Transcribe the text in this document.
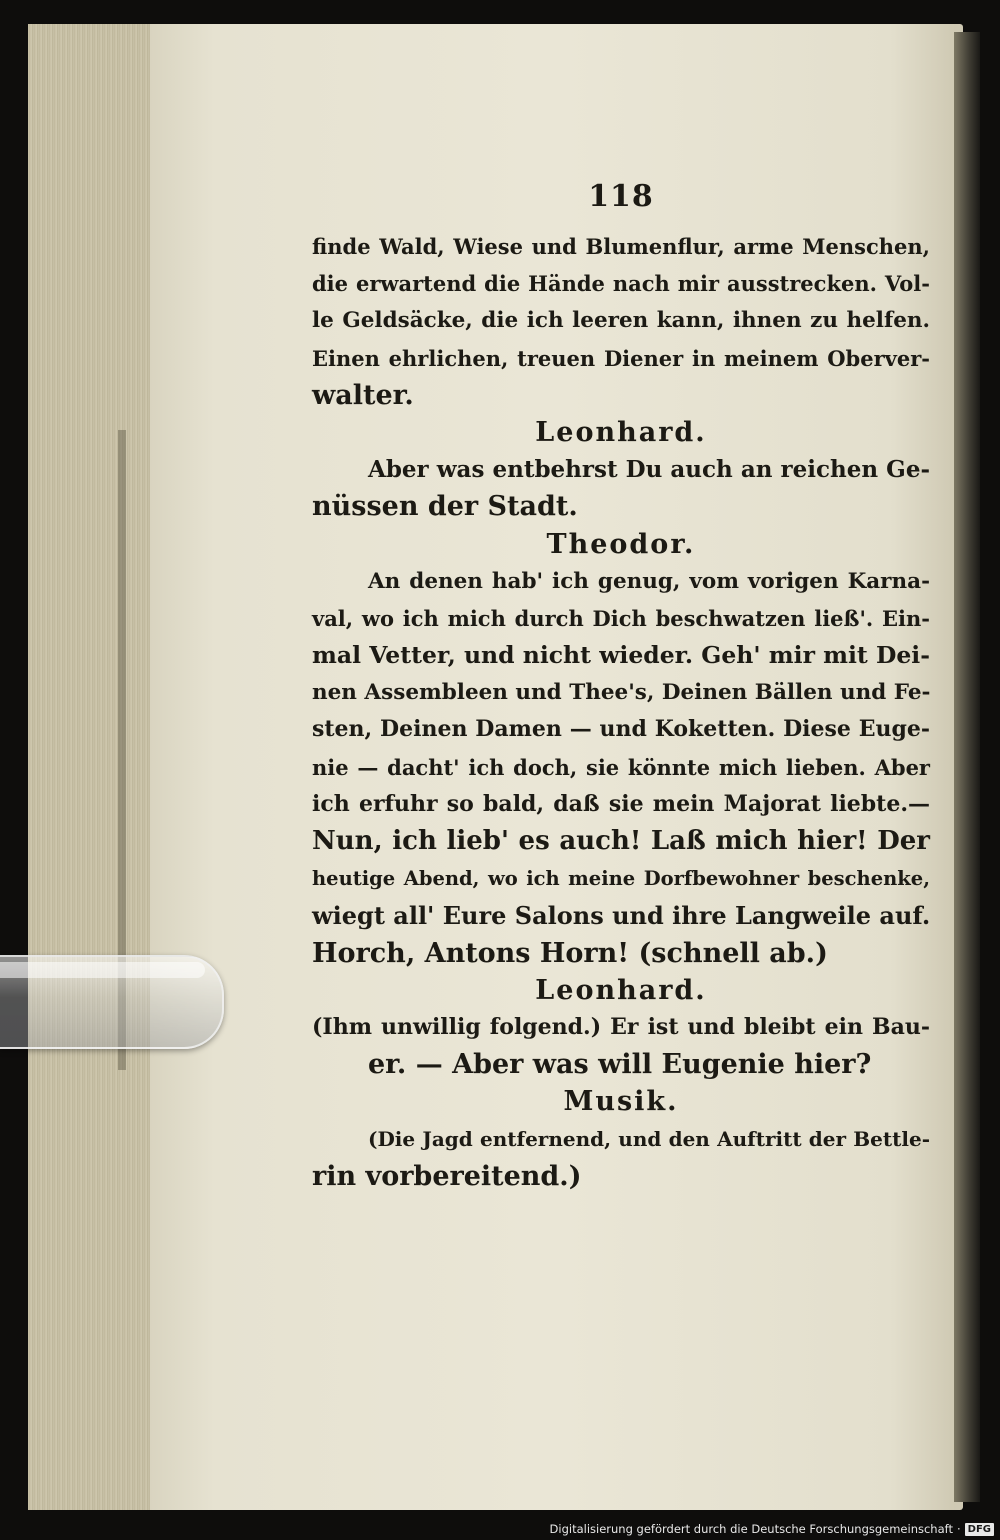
118
finde Wald, Wiese und Blumenflur, arme Menschen,
die erwartend die Hände nach mir ausstrecken. Vol-
le Geldsäcke, die ich leeren kann, ihnen zu helfen.
Einen ehrlichen, treuen Diener in meinem Oberver-
walter.
Leonhard.
Aber was entbehrst Du auch an reichen Ge-
nüssen der Stadt.
Theodor.
An denen hab' ich genug, vom vorigen Karna-
val, wo ich mich durch Dich beschwatzen ließ'. Ein-
mal Vetter, und nicht wieder. Geh' mir mit Dei-
nen Assembleen und Thee's, Deinen Bällen und Fe-
sten, Deinen Damen — und Koketten. Diese Euge-
nie — dacht' ich doch, sie könnte mich lieben. Aber
ich erfuhr so bald, daß sie mein Majorat liebte.—
Nun, ich lieb' es auch! Laß mich hier! Der
heutige Abend, wo ich meine Dorfbewohner beschenke,
wiegt all' Eure Salons und ihre Langweile auf.
Horch, Antons Horn! (schnell ab.)
Leonhard.
(Ihm unwillig folgend.) Er ist und bleibt ein Bau-
er. — Aber was will Eugenie hier?
Musik.
(Die Jagd entfernend, und den Auftritt der Bettle-
rin vorbereitend.)
Digitalisierung gefördert durch die Deutsche Forschungsgemeinschaft · DFG
